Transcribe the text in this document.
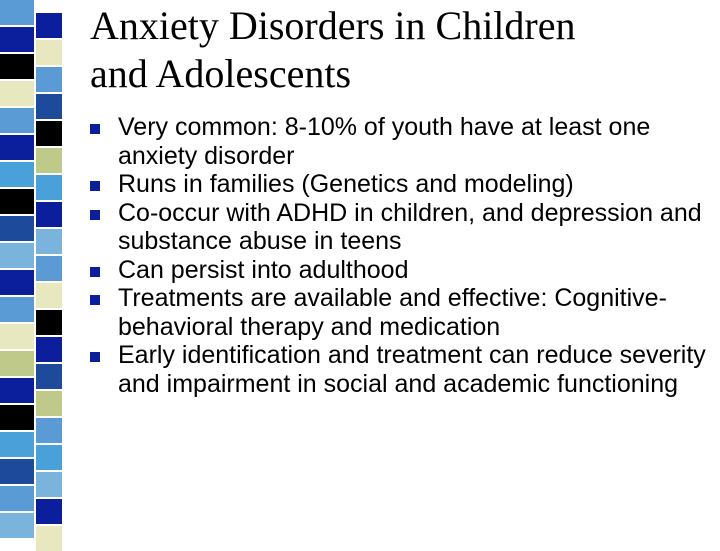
Anxiety Disorders in Children
and Adolescents
Very common: 8-10% of youth have at least one anxiety disorder
Runs in families (Genetics and modeling)
Co-occur with ADHD in children, and depression and substance abuse in teens
Can persist into adulthood
Treatments are available and effective: Cognitive-behavioral therapy and medication
Early identification and treatment can reduce severity and impairment in social and academic functioning
